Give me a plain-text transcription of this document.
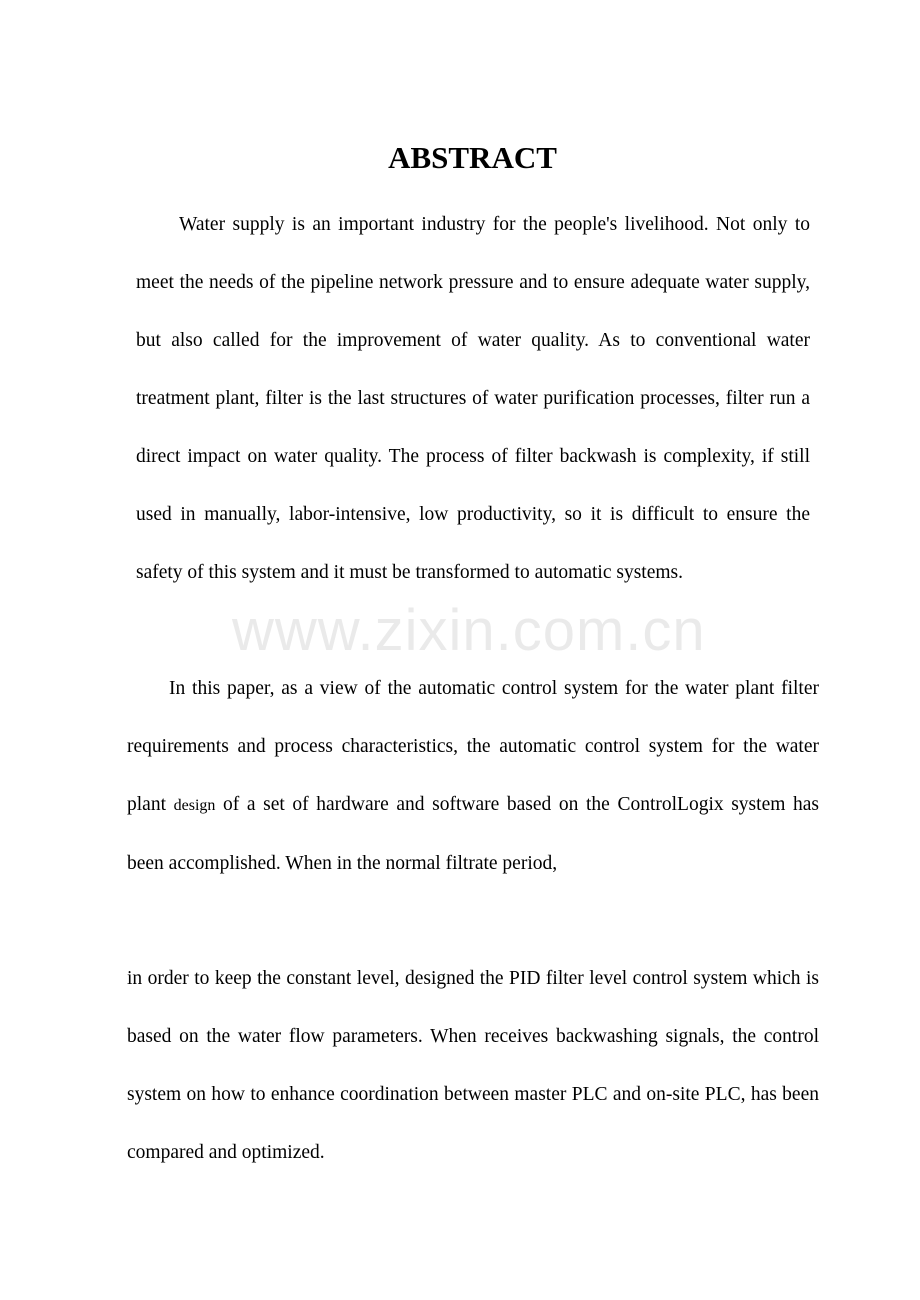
ABSTRACT

Water supply is an important industry for the people's livelihood. Not only to meet the needs of the pipeline network pressure and to ensure adequate water supply, but also called for the improvement of water quality. As to conventional water treatment plant, filter is the last structures of water purification processes, filter run a direct impact on water quality. The process of filter backwash is complexity, if still used in manually, labor-intensive, low productivity, so it is difficult to ensure the safety of this system and it must be transformed to automatic systems.

In this paper, as a view of the automatic control system for the water plant filter requirements and process characteristics, the automatic control system for the water plant design of a set of hardware and software based on the ControlLogix system has been accomplished. When in the normal filtrate period,

in order to keep the constant level, designed the PID filter level control system which is based on the water flow parameters. When receives backwashing signals, the control system on how to enhance coordination between master PLC and on-site PLC, has been compared and optimized.

www.zixin.com.cn
